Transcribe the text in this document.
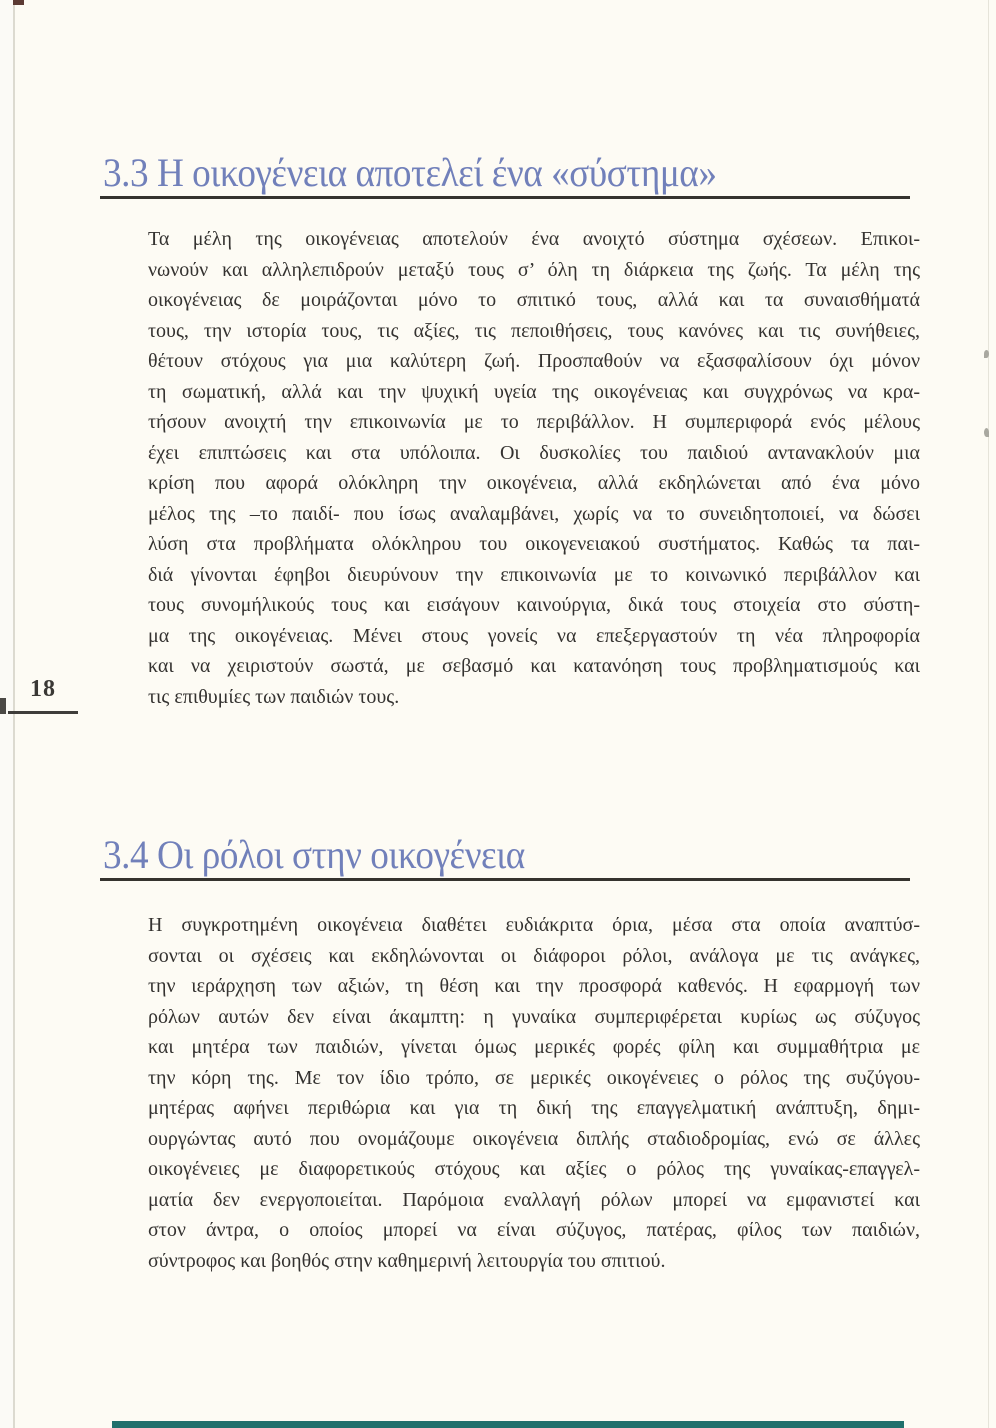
3.3 Η οικογένεια αποτελεί ένα «σύστημα»
Τα μέλη της οικογένειας αποτελούν ένα ανοιχτό σύστημα σχέσεων. Επικοι-
νωνούν και αλληλεπιδρούν μεταξύ τους σ’ όλη τη διάρκεια της ζωής. Τα μέλη της
οικογένειας δε μοιράζονται μόνο το σπιτικό τους, αλλά και τα συναισθήματά
τους, την ιστορία τους, τις αξίες, τις πεποιθήσεις, τους κανόνες και τις συνήθειες,
θέτουν στόχους για μια καλύτερη ζωή. Προσπαθούν να εξασφαλίσουν όχι μόνον
τη σωματική, αλλά και την ψυχική υγεία της οικογένειας και συγχρόνως να κρα-
τήσουν ανοιχτή την επικοινωνία με το περιβάλλον. Η συμπεριφορά ενός μέλους
έχει επιπτώσεις και στα υπόλοιπα. Οι δυσκολίες του παιδιού αντανακλούν μια
κρίση που αφορά ολόκληρη την οικογένεια, αλλά εκδηλώνεται από ένα μόνο
μέλος της –το παιδί- που ίσως αναλαμβάνει, χωρίς να το συνειδητοποιεί, να δώσει
λύση στα προβλήματα ολόκληρου του οικογενειακού συστήματος. Καθώς τα παι-
διά γίνονται έφηβοι διευρύνουν την επικοινωνία με το κοινωνικό περιβάλλον και
τους συνομήλικούς τους και εισάγουν καινούργια, δικά τους στοιχεία στο σύστη-
μα της οικογένειας. Μένει στους γονείς να επεξεργαστούν τη νέα πληροφορία
και να χειριστούν σωστά, με σεβασμό και κατανόηση τους προβληματισμούς και
τις επιθυμίες των παιδιών τους.
18
3.4 Οι ρόλοι στην οικογένεια
Η συγκροτημένη οικογένεια διαθέτει ευδιάκριτα όρια, μέσα στα οποία αναπτύσ-
σονται οι σχέσεις και εκδηλώνονται οι διάφοροι ρόλοι, ανάλογα με τις ανάγκες,
την ιεράρχηση των αξιών, τη θέση και την προσφορά καθενός. Η εφαρμογή των
ρόλων αυτών δεν είναι άκαμπτη: η γυναίκα συμπεριφέρεται κυρίως ως σύζυγος
και μητέρα των παιδιών, γίνεται όμως μερικές φορές φίλη και συμμαθήτρια με
την κόρη της. Με τον ίδιο τρόπο, σε μερικές οικογένειες ο ρόλος της συζύγου-
μητέρας αφήνει περιθώρια και για τη δική της επαγγελματική ανάπτυξη, δημι-
ουργώντας αυτό που ονομάζουμε οικογένεια διπλής σταδιοδρομίας, ενώ σε άλλες
οικογένειες με διαφορετικούς στόχους και αξίες ο ρόλος της γυναίκας-επαγγελ-
ματία δεν ενεργοποιείται. Παρόμοια εναλλαγή ρόλων μπορεί να εμφανιστεί και
στον άντρα, ο οποίος μπορεί να είναι σύζυγος, πατέρας, φίλος των παιδιών,
σύντροφος και βοηθός στην καθημερινή λειτουργία του σπιτιού.
